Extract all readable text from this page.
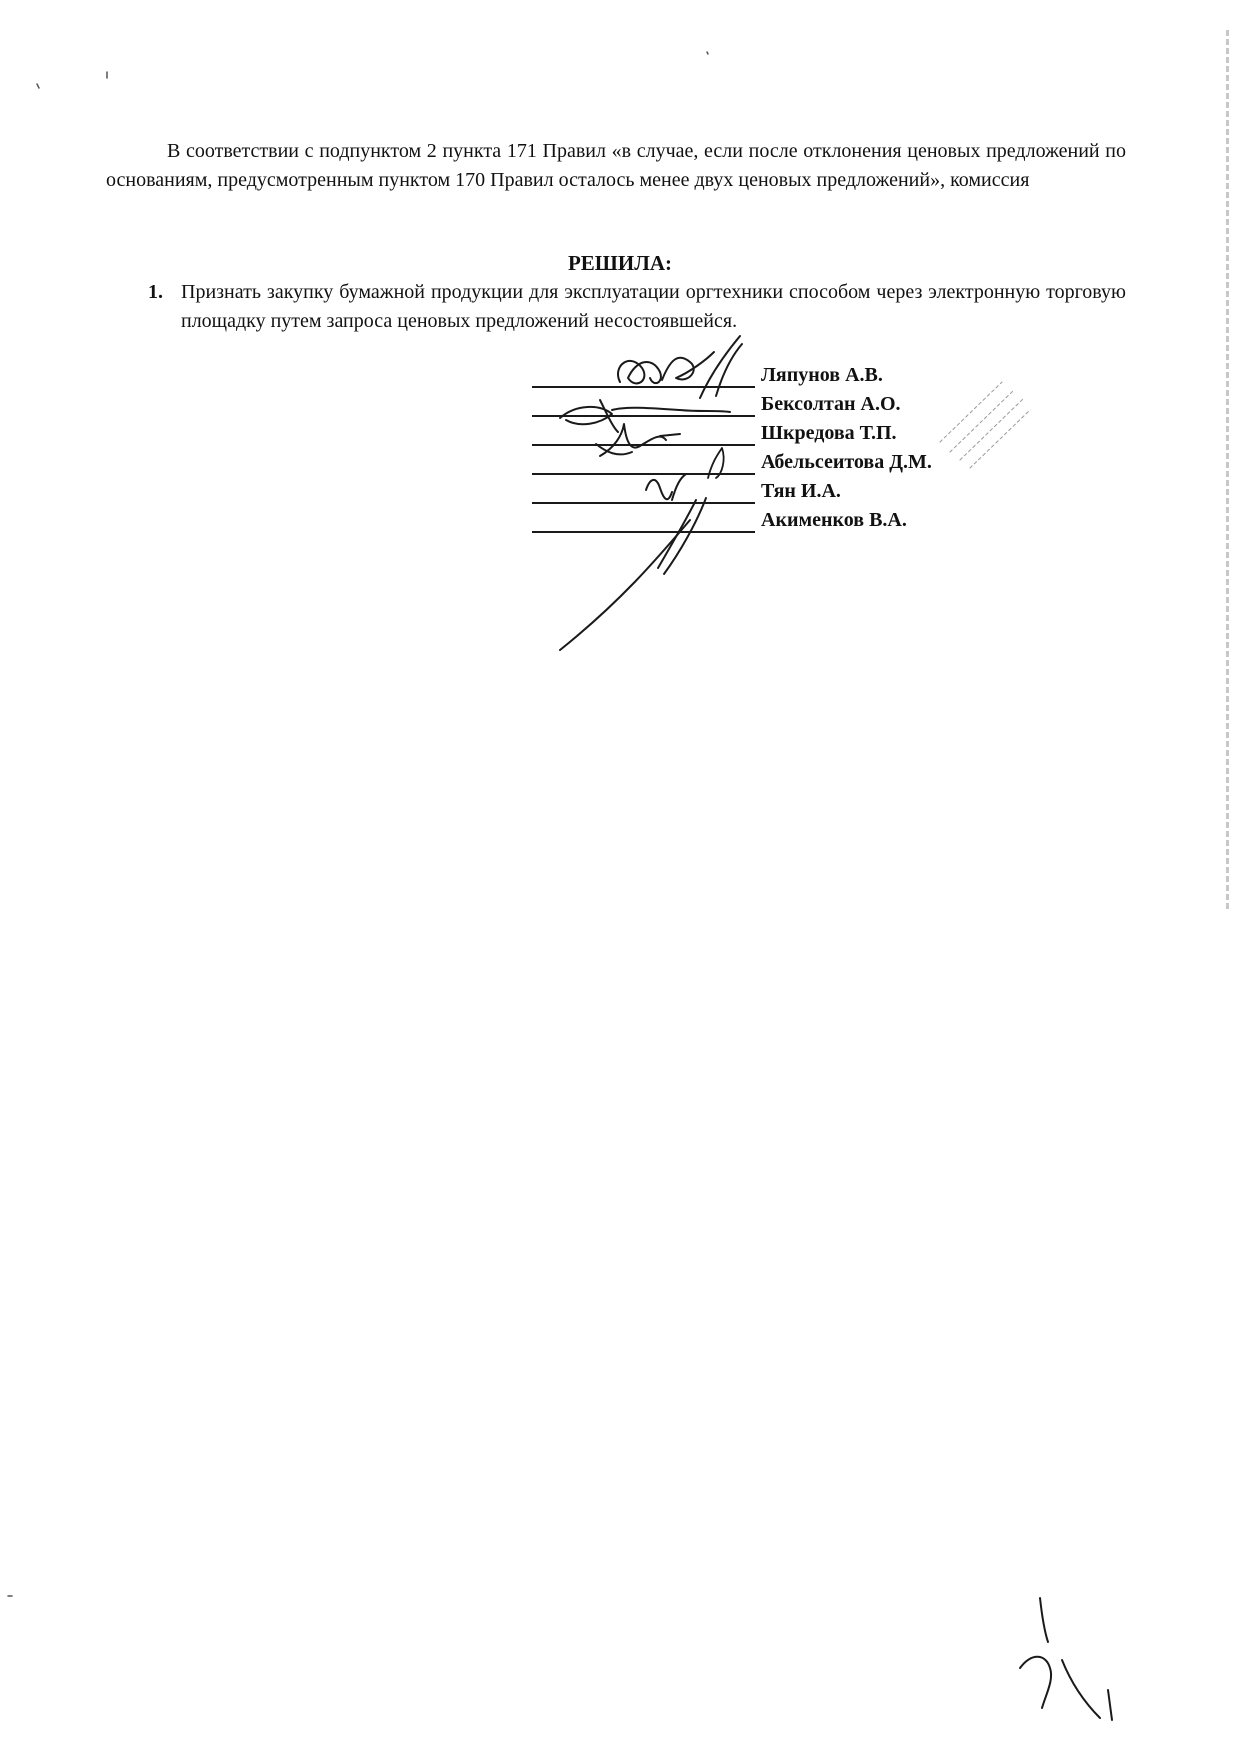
В соответствии с подпунктом 2 пункта 171 Правил «в случае, если после отклонения ценовых предложений по основаниям, предусмотренным пунктом 170 Правил осталось менее двух ценовых предложений», комиссия

РЕШИЛА:
1. Признать закупку бумажной продукции для эксплуатации оргтехники способом через электронную торговую площадку путем запроса ценовых предложений несостоявшейся.
Ляпунов А.В.
Бексолтан А.О.
Шкредова Т.П.
Абельсеитова Д.М.
Тян И.А.
Акименков В.А.
